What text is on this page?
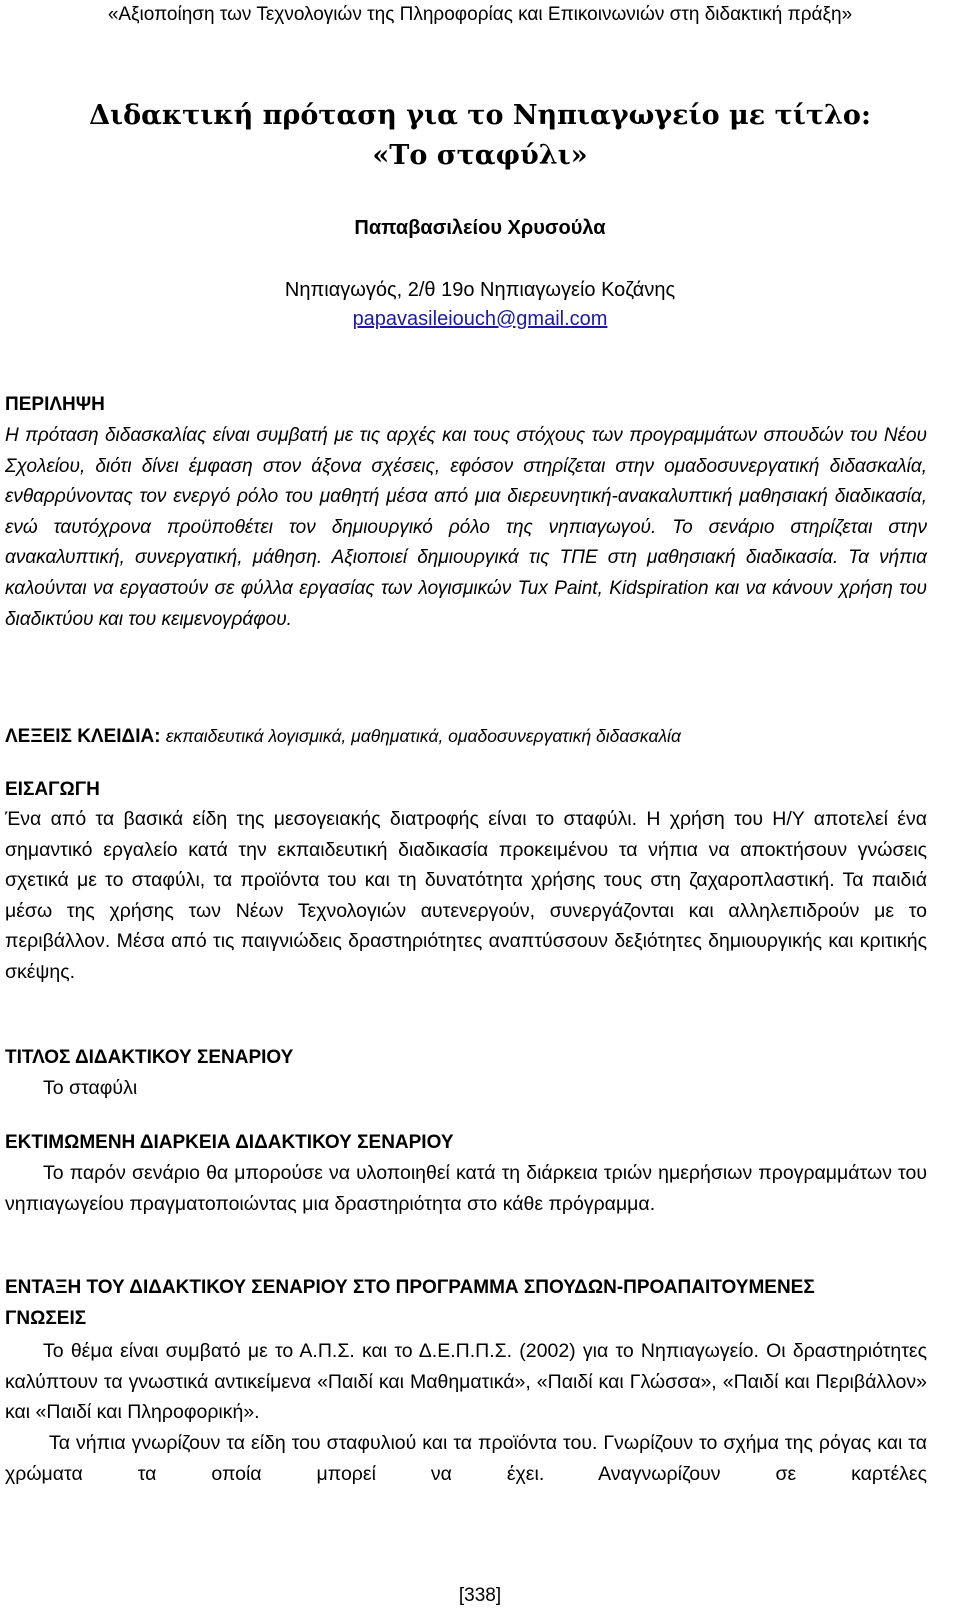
«Αξιοποίηση των Τεχνολογιών της Πληροφορίας και Επικοινωνιών στη διδακτική πράξη»
Διδακτική πρόταση για το Νηπιαγωγείο με τίτλο:
«Το σταφύλι»
Παπαβασιλείου Χρυσούλα
Νηπιαγωγός, 2/θ 19ο Νηπιαγωγείο Κοζάνης
papavasileiouch@gmail.com
ΠΕΡΙΛΗΨΗ
Η πρόταση διδασκαλίας είναι συμβατή με τις αρχές και τους στόχους των προγραμμάτων σπουδών του Νέου Σχολείου, διότι δίνει έμφαση στον άξονα σχέσεις, εφόσον στηρίζεται στην ομαδοσυνεργατική διδασκαλία, ενθαρρύνοντας τον ενεργό ρόλο του μαθητή μέσα από μια διερευνητική-ανακαλυπτική μαθησιακή διαδικασία, ενώ ταυτόχρονα προϋποθέτει τον δημιουργικό ρόλο της νηπιαγωγού. Το σενάριο στηρίζεται στην ανακαλυπτική, συνεργατική, μάθηση. Αξιοποιεί δημιουργικά τις ΤΠΕ στη μαθησιακή διαδικασία. Τα νήπια καλούνται να εργαστούν σε φύλλα εργασίας των λογισμικών Tux Paint, Kidspiration και να κάνουν χρήση του διαδικτύου και του κειμενογράφου.
ΛΕΞΕΙΣ ΚΛΕΙΔΙΑ: εκπαιδευτικά λογισμικά, μαθηματικά, ομαδοσυνεργατική διδασκαλία
ΕΙΣΑΓΩΓΗ
Ένα από τα βασικά είδη της μεσογειακής διατροφής είναι το σταφύλι. Η χρήση του Η/Υ αποτελεί ένα σημαντικό εργαλείο κατά την εκπαιδευτική διαδικασία προκειμένου τα νήπια να αποκτήσουν γνώσεις σχετικά με το σταφύλι, τα προϊόντα του και τη δυνατότητα χρήσης τους στη ζαχαροπλαστική. Τα παιδιά μέσω της χρήσης των Νέων Τεχνολογιών αυτενεργούν, συνεργάζονται και αλληλεπιδρούν με το περιβάλλον. Μέσα από τις παιγνιώδεις δραστηριότητες αναπτύσσουν δεξιότητες δημιουργικής και κριτικής σκέψης.
ΤΙΤΛΟΣ ΔΙΔΑΚΤΙΚΟΥ ΣΕΝΑΡΙΟΥ
Το σταφύλι
ΕΚΤΙΜΩΜΕΝΗ ΔΙΑΡΚΕΙΑ ΔΙΔΑΚΤΙΚΟΥ ΣΕΝΑΡΙΟΥ
Το παρόν σενάριο θα μπορούσε να υλοποιηθεί κατά τη διάρκεια τριών ημερήσιων προγραμμάτων του νηπιαγωγείου πραγματοποιώντας μια δραστηριότητα στο κάθε πρόγραμμα.
ΕΝΤΑΞΗ ΤΟΥ ΔΙΔΑΚΤΙΚΟΥ ΣΕΝΑΡΙΟΥ ΣΤΟ ΠΡΟΓΡΑΜΜΑ ΣΠΟΥΔΩΝ-ΠΡΟΑΠΑΙΤΟΥΜΕΝΕΣ
ΓΝΩΣΕΙΣ
Το θέμα είναι συμβατό με το Α.Π.Σ. και το Δ.Ε.Π.Π.Σ. (2002) για το Νηπιαγωγείο. Οι δραστηριότητες καλύπτουν τα γνωστικά αντικείμενα «Παιδί και Μαθηματικά», «Παιδί και Γλώσσα», «Παιδί και Περιβάλλον» και «Παιδί και Πληροφορική».
Τα νήπια γνωρίζουν τα είδη του σταφυλιού και τα προϊόντα του. Γνωρίζουν το σχήμα της ρόγας και τα χρώματα τα οποία μπορεί να έχει. Αναγνωρίζουν σε καρτέλες
[338]
